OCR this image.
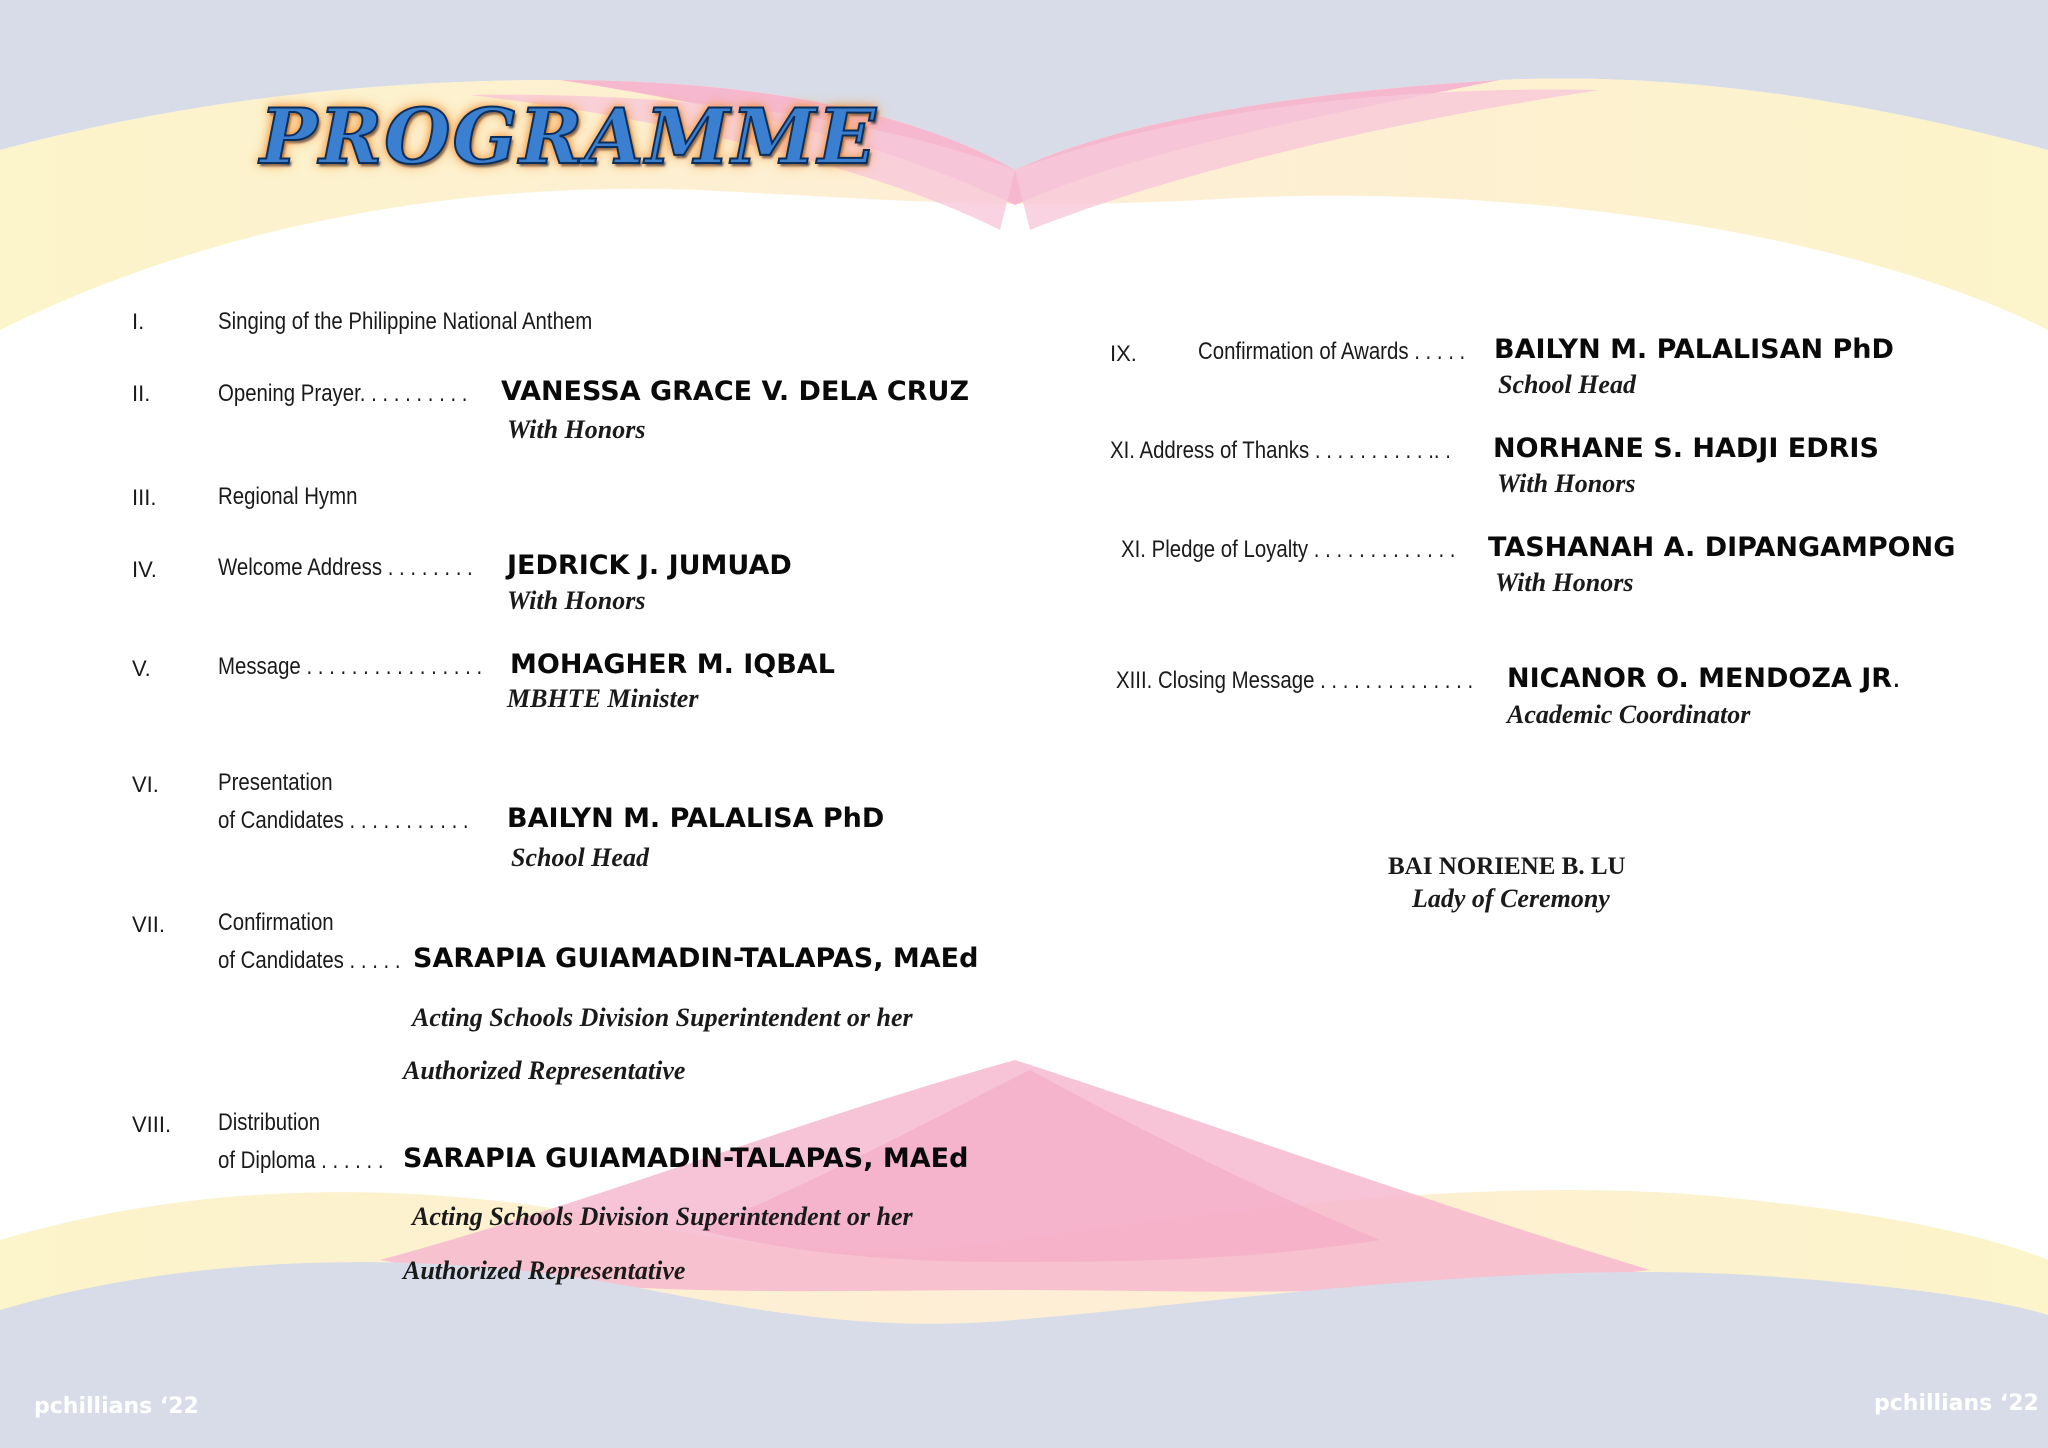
PROGRAMME
I.	Singing of the Philippine National Anthem
II.	Opening Prayer. . . . . . . . . . VANESSA GRACE V. DELA CRUZ
With Honors
III.	Regional Hymn
IV.	Welcome Address . . . . . . . . JEDRICK J. JUMUAD
With Honors
V.	Message . . . . . . . . . . . . . . . . MOHAGHER M. IQBAL
MBHTE Minister
VI. Presentation
of Candidates . . . . . . . . . . . BAILYN M. PALALISA PhD
School Head
VII. Confirmation
of Candidates . . . . . SARAPIA GUIAMADIN-TALAPAS, MAEd
Acting Schools Division Superintendent or her
Authorized Representative
VIII. Distribution
of Diploma . . . . . . SARAPIA GUIAMADIN-TALAPAS, MAEd
Acting Schools Division Superintendent or her
Authorized Representative
IX.	Confirmation of Awards . . . . . BAILYN M. PALALISAN PhD
School Head
XI. Address of Thanks . . . . . . . . . . .. . NORHANE S. HADJI EDRIS
With Honors
XI. Pledge of Loyalty . . . . . . . . . . . . . TASHANAH A. DIPANGAMPONG
With Honors
XIII. Closing Message . . . . . . . . . . . . . . NICANOR O. MENDOZA JR.
Academic Coordinator
BAI NORIENE B. LU
Lady of Ceremony
pchillians ‘22	pchillians ‘22
